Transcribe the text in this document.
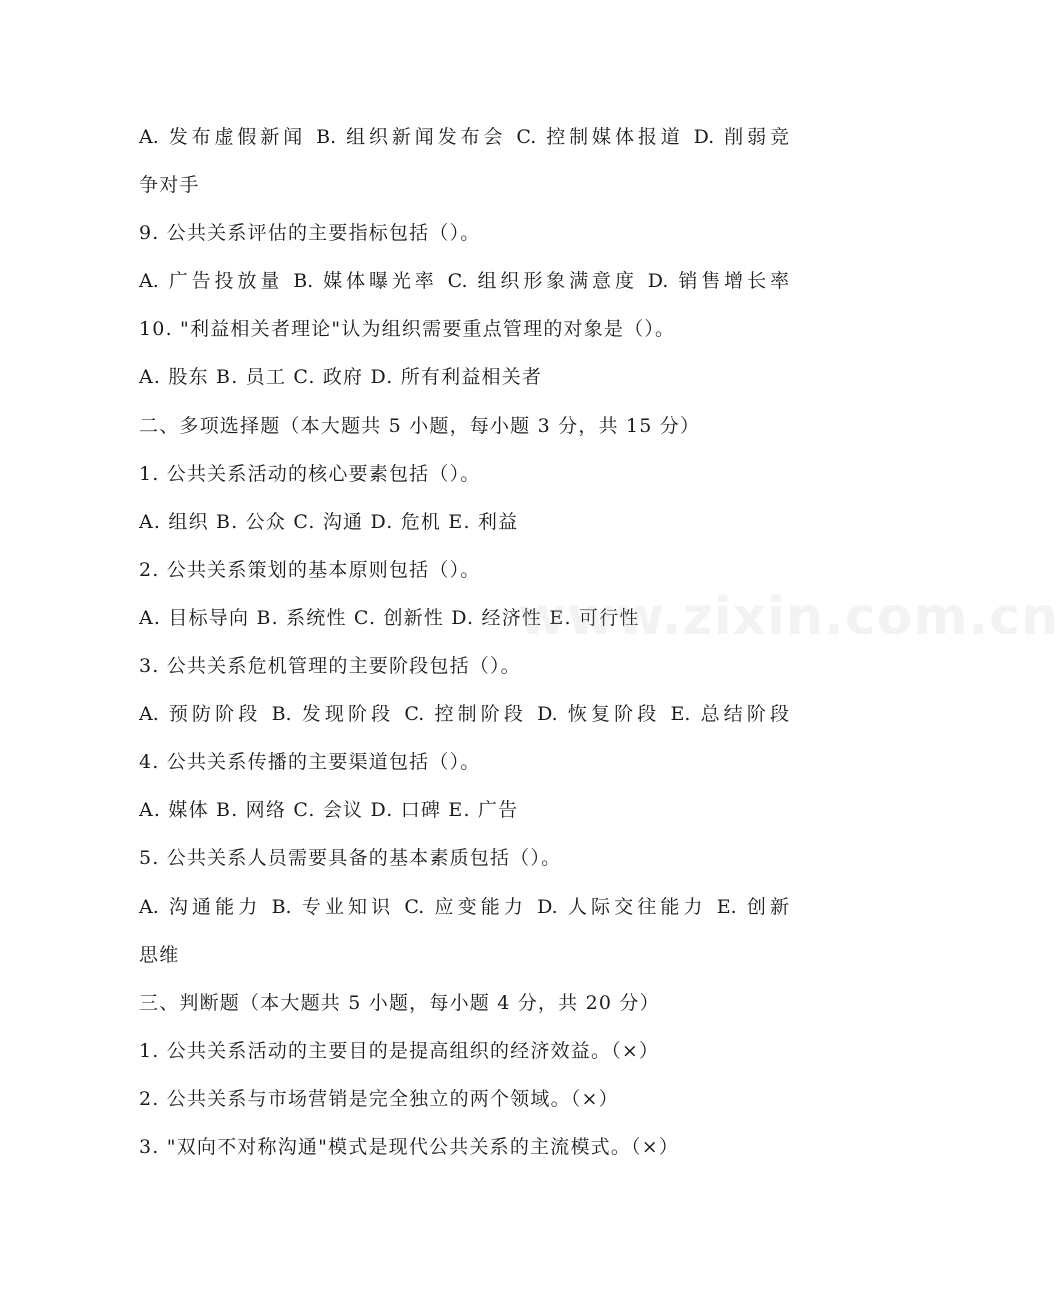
A. 发布虚假新闻 B. 组织新闻发布会 C. 控制媒体报道 D. 削弱竞
争对手
9. 公共关系评估的主要指标包括（）。
A. 广告投放量 B. 媒体曝光率 C. 组织形象满意度 D. 销售增长率
10. "利益相关者理论"认为组织需要重点管理的对象是（）。
A. 股东 B. 员工 C. 政府 D. 所有利益相关者
二、多项选择题（本大题共 5 小题，每小题 3 分，共 15 分）
1. 公共关系活动的核心要素包括（）。
A. 组织 B. 公众 C. 沟通 D. 危机 E. 利益
2. 公共关系策划的基本原则包括（）。
A. 目标导向 B. 系统性 C. 创新性 D. 经济性 E. 可行性
3. 公共关系危机管理的主要阶段包括（）。
A. 预防阶段 B. 发现阶段 C. 控制阶段 D. 恢复阶段 E. 总结阶段
4. 公共关系传播的主要渠道包括（）。
A. 媒体 B. 网络 C. 会议 D. 口碑 E. 广告
5. 公共关系人员需要具备的基本素质包括（）。
A. 沟通能力 B. 专业知识 C. 应变能力 D. 人际交往能力 E. 创新
思维
三、判断题（本大题共 5 小题，每小题 4 分，共 20 分）
1. 公共关系活动的主要目的是提高组织的经济效益。（×）
2. 公共关系与市场营销是完全独立的两个领域。（×）
3. "双向不对称沟通"模式是现代公共关系的主流模式。（×）
www.zixin.com.cn
